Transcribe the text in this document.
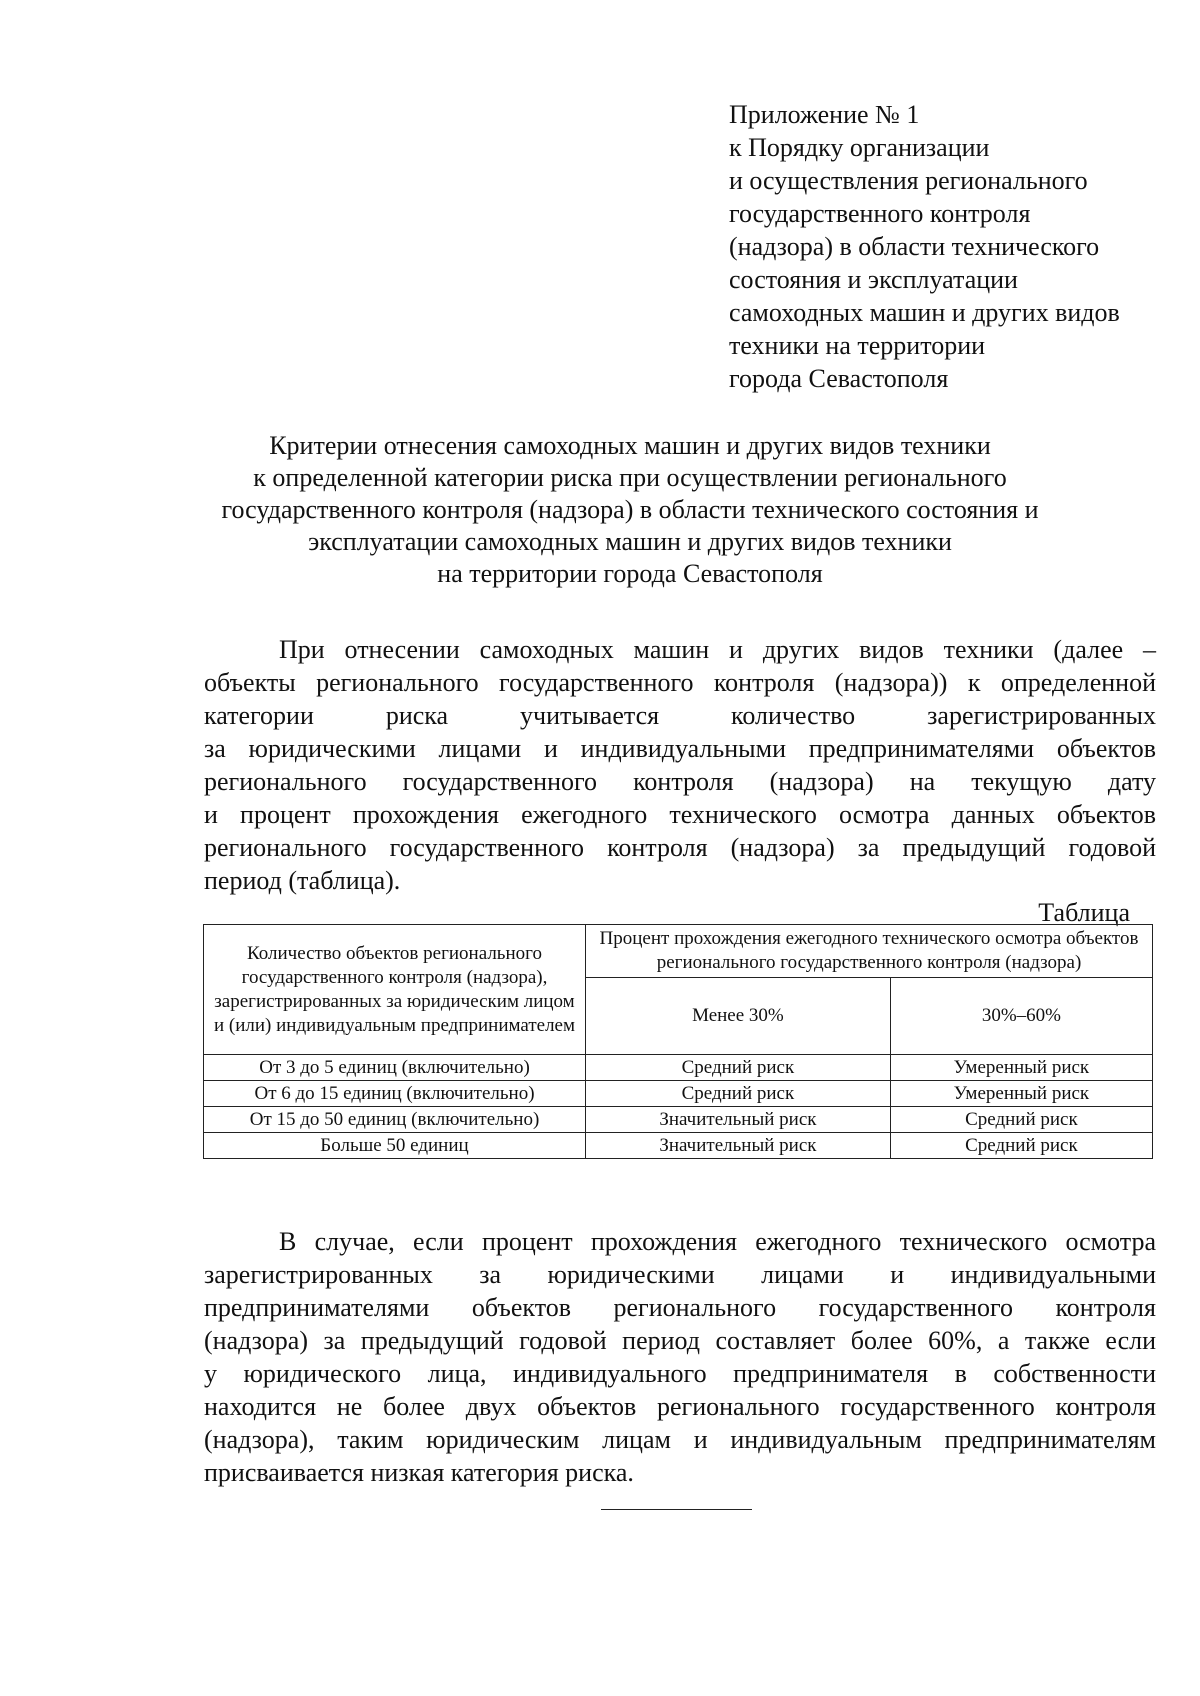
Приложение № 1
к Порядку организации
и осуществления регионального
государственного контроля
(надзора) в области технического
состояния и эксплуатации
самоходных машин и других видов
техники на территории
города Севастополя
Критерии отнесения самоходных машин и других видов техники
к определенной категории риска при осуществлении регионального
государственного контроля (надзора) в области технического состояния и
эксплуатации самоходных машин и других видов техники
на территории города Севастополя
При отнесении самоходных машин и других видов техники (далее –
объекты регионального государственного контроля (надзора)) к определенной
категории риска учитывается количество зарегистрированных
за юридическими лицами и индивидуальными предпринимателями объектов
регионального государственного контроля (надзора) на текущую дату
и процент прохождения ежегодного технического осмотра данных объектов
регионального государственного контроля (надзора) за предыдущий годовой
период (таблица).
Таблица
Количество объектов регионального государственного контроля (надзора), зарегистрированных за юридическим лицом и (или) индивидуальным предпринимателем	Процент прохождения ежегодного технического осмотра объектов регионального государственного контроля (надзора)	
	Менее 30%	30%–60%
От 3 до 5 единиц (включительно)	Средний риск	Умеренный риск
От 6 до 15 единиц (включительно)	Средний риск	Умеренный риск
От 15 до 50 единиц (включительно)	Значительный риск	Средний риск
Больше 50 единиц	Значительный риск	Средний риск
В случае, если процент прохождения ежегодного технического осмотра
зарегистрированных за юридическими лицами и индивидуальными
предпринимателями объектов регионального государственного контроля
(надзора) за предыдущий годовой период составляет более 60%, а также если
у юридического лица, индивидуального предпринимателя в собственности
находится не более двух объектов регионального государственного контроля
(надзора), таким юридическим лицам и индивидуальным предпринимателям
присваивается низкая категория риска.
